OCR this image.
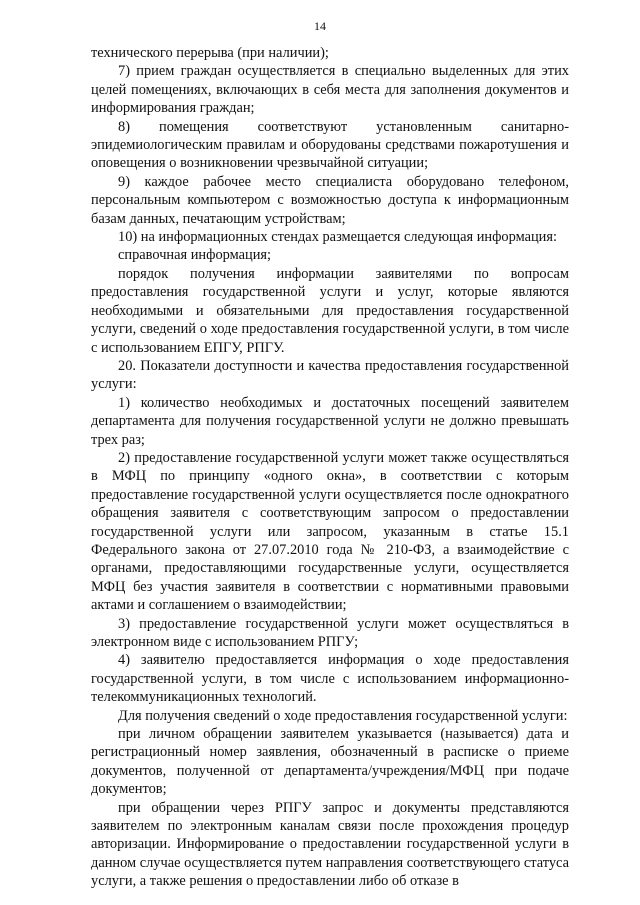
14

технического перерыва (при наличии);

7) прием граждан осуществляется в специально выделенных для этих целей помещениях, включающих в себя места для заполнения документов и информирования граждан;

8) помещения соответствуют установленным санитарно-эпидемиологическим правилам и оборудованы средствами пожаротушения и оповещения о возникновении чрезвычайной ситуации;

9) каждое рабочее место специалиста оборудовано телефоном, персональным компьютером с возможностью доступа к информационным базам данных, печатающим устройствам;

10) на информационных стендах размещается следующая информация:

справочная информация;

порядок получения информации заявителями по вопросам предоставления государственной услуги и услуг, которые являются необходимыми и обязательными для предоставления государственной услуги, сведений о ходе предоставления государственной услуги, в том числе с использованием ЕПГУ, РПГУ.

20. Показатели доступности и качества предоставления государственной услуги:

1) количество необходимых и достаточных посещений заявителем департамента для получения государственной услуги не должно превышать трех раз;

2) предоставление государственной услуги может также осуществляться в МФЦ по принципу «одного окна», в соответствии с которым предоставление государственной услуги осуществляется после однократного обращения заявителя с соответствующим запросом о предоставлении государственной услуги или запросом, указанным в статье 15.1 Федерального закона от 27.07.2010 года № 210-ФЗ, а взаимодействие с органами, предоставляющими государственные услуги, осуществляется МФЦ без участия заявителя в соответствии с нормативными правовыми актами и соглашением о взаимодействии;

3) предоставление государственной услуги может осуществляться в электронном виде с использованием РПГУ;

4) заявителю предоставляется информация о ходе предоставления государственной услуги, в том числе с использованием информационно-телекоммуникационных технологий.

Для получения сведений о ходе предоставления государственной услуги:

при личном обращении заявителем указывается (называется) дата и регистрационный номер заявления, обозначенный в расписке о приеме документов, полученной от департамента/учреждения/МФЦ при подаче документов;

при обращении через РПГУ запрос и документы представляются заявителем по электронным каналам связи после прохождения процедур авторизации. Информирование о предоставлении государственной услуги в данном случае осуществляется путем направления соответствующего статуса услуги, а также решения о предоставлении либо об отказе в
